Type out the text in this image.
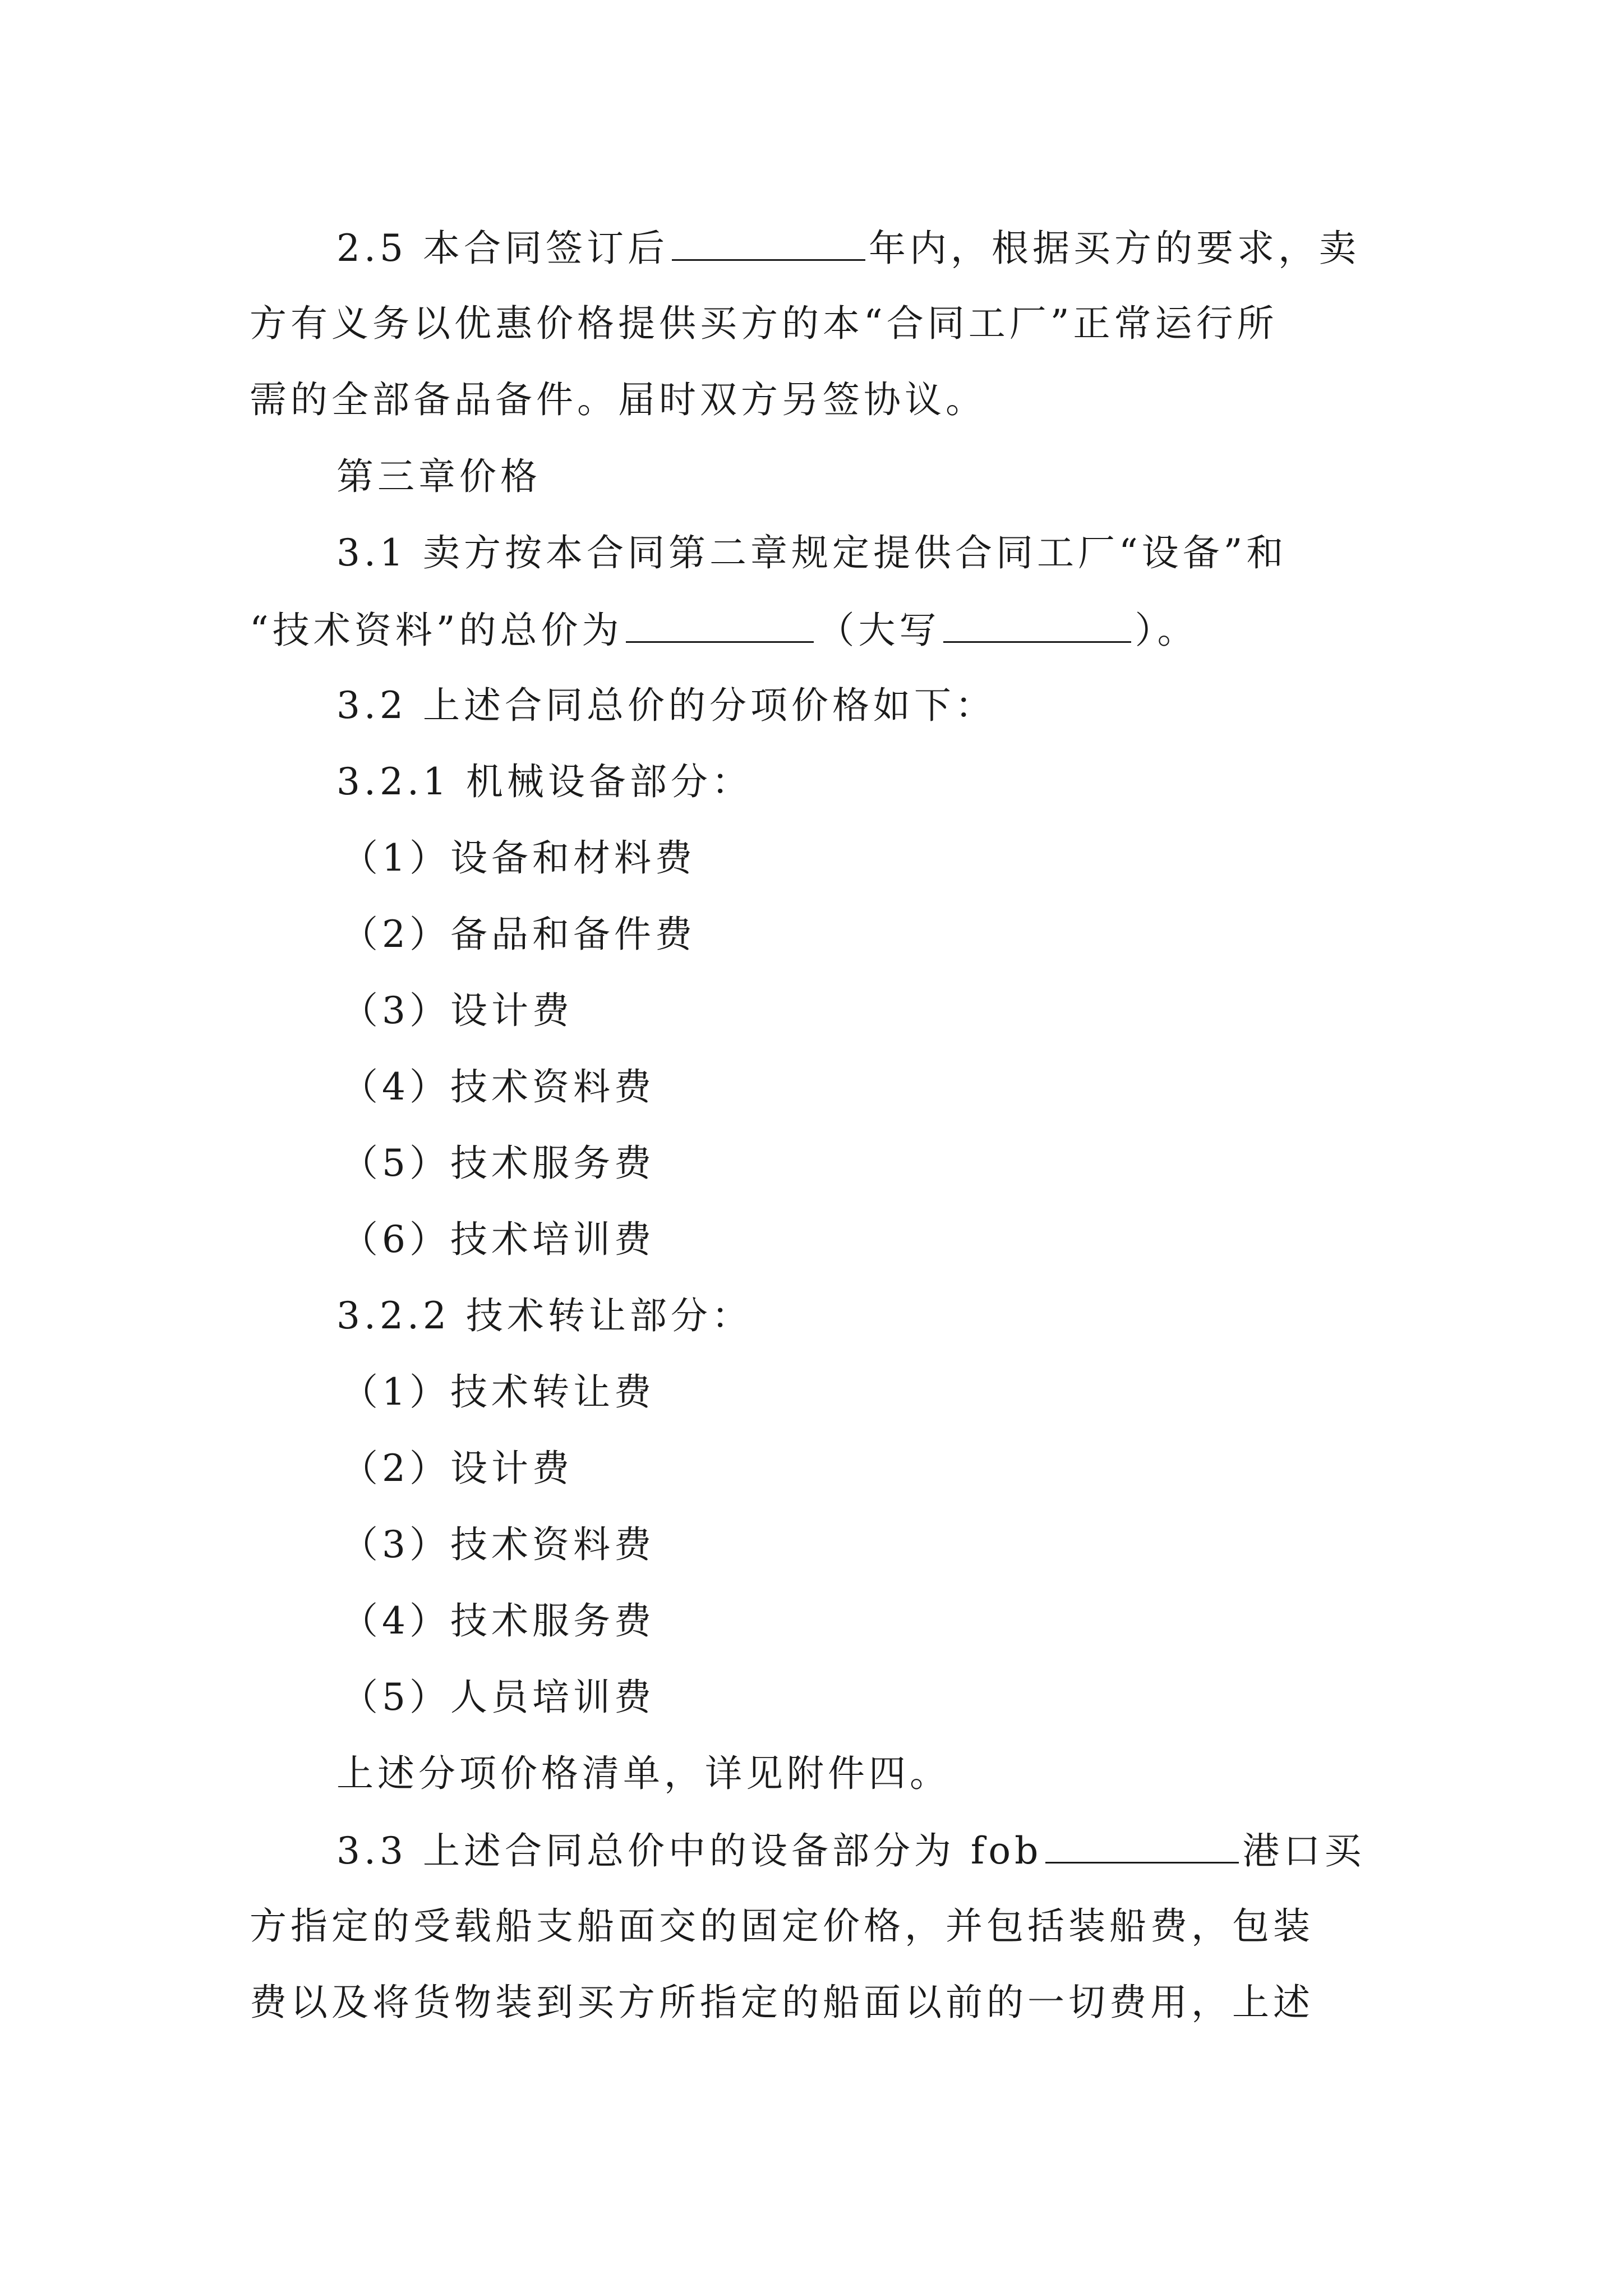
2.5 本合同签订后	年内，根据买方的要求，卖
方有义务以优惠价格提供买方的本“合同工厂”正常运行所
需的全部备品备件。届时双方另签协议。
第三章价格
3.1 卖方按本合同第二章规定提供合同工厂“设备”和
“技术资料”的总价为	（大写	）。
3.2 上述合同总价的分项价格如下：
3.2.1 机械设备部分：
（1）设备和材料费
（2）备品和备件费
（3）设计费
（4）技术资料费
（5）技术服务费
（6）技术培训费
3.2.2 技术转让部分：
（1）技术转让费
（2）设计费
（3）技术资料费
（4）技术服务费
（5）人员培训费
上述分项价格清单，详见附件四。
3.3 上述合同总价中的设备部分为 fob	港口买
方指定的受载船支船面交的固定价格，并包括装船费，包装
费以及将货物装到买方所指定的船面以前的一切费用，上述
